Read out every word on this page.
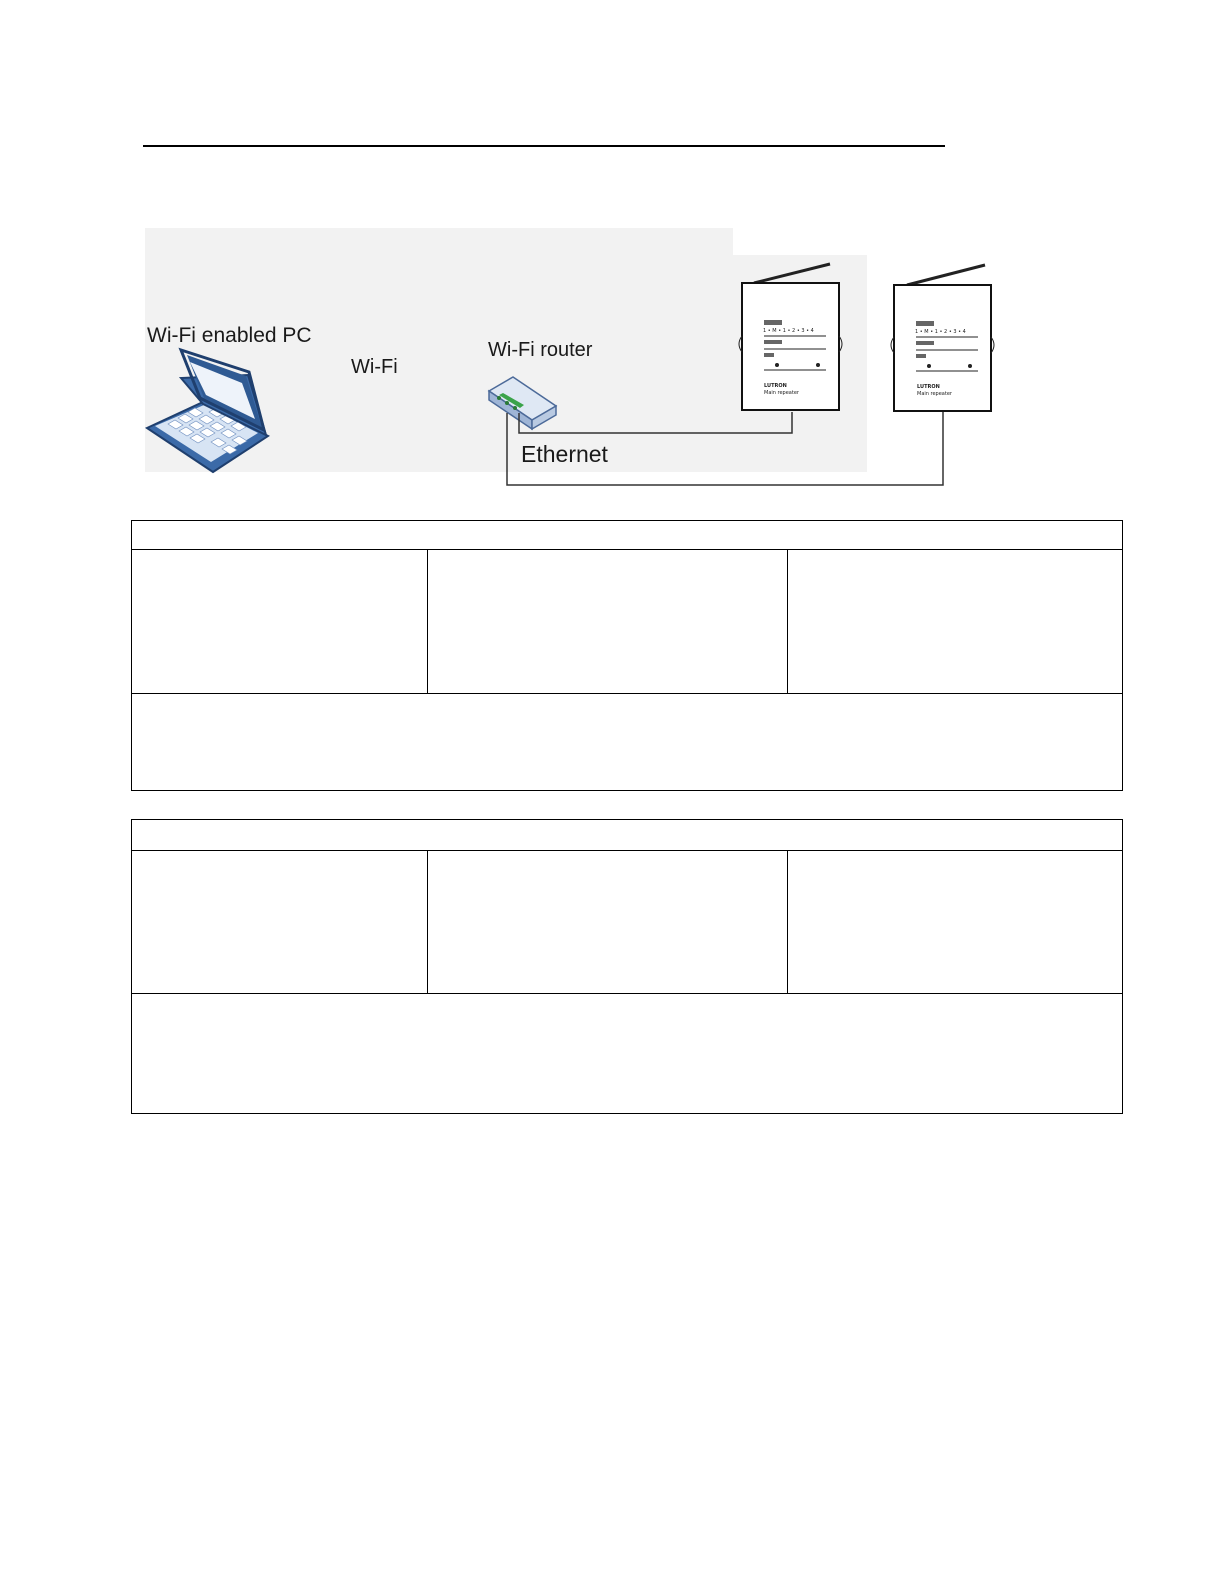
1 • M • 1 • 2 • 3 • 4
LUTRON
Main repeater
1 • M • 1 • 2 • 3 • 4
LUTRON
Main repeater
Wi-Fi enabled PC
Wi-Fi
Wi-Fi router
Ethernet
